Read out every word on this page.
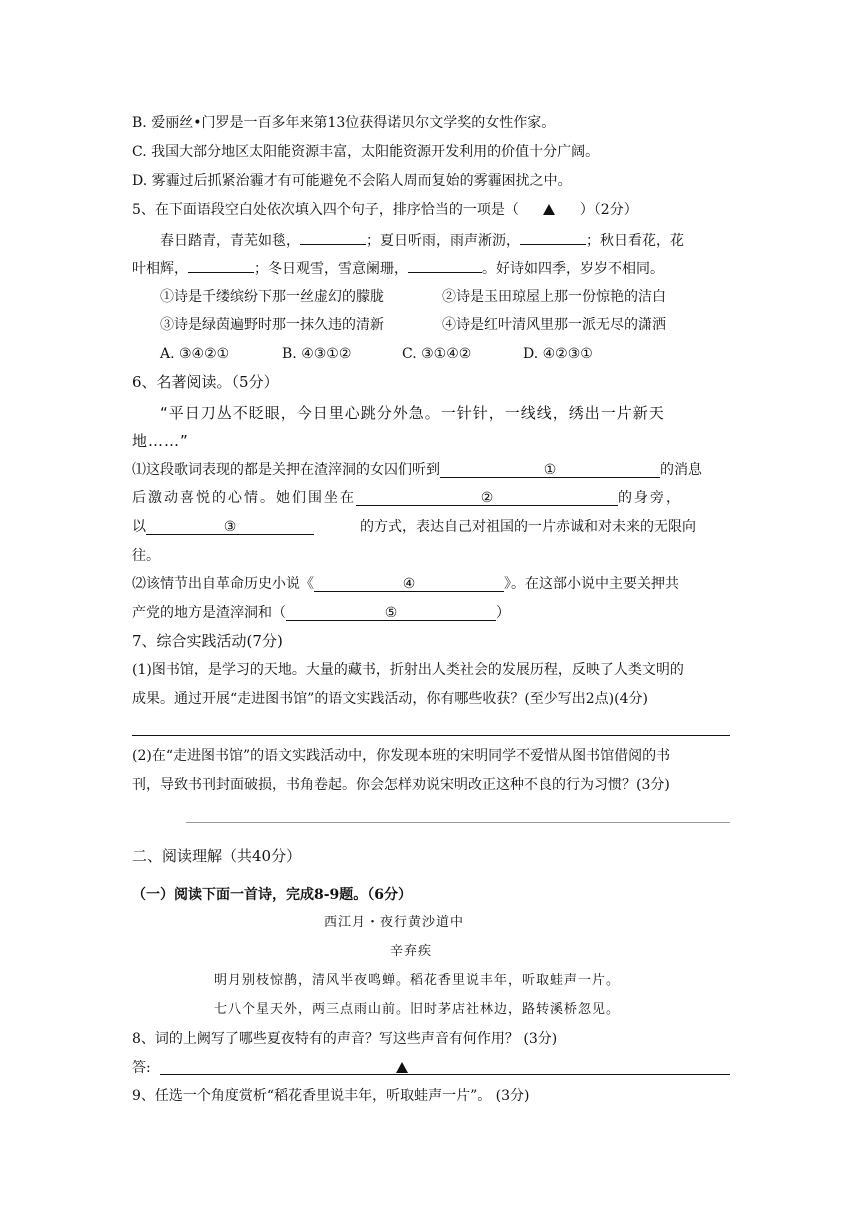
B. 爱丽丝•门罗是一百多年来第13位获得诺贝尔文学奖的女性作家。
C. 我国大部分地区太阳能资源丰富，太阳能资源开发利用的价值十分广阔。
D. 雾霾过后抓紧治霾才有可能避免不会陷人周而复始的雾霾困扰之中。
5、在下面语段空白处依次填入四个句子，排序恰当的一项是（	）（2分）
春日踏青，青芜如毯，	；夏日听雨，雨声淅沥，	；秋日看花，花
叶相辉，	；冬日观雪，雪意阑珊，	。好诗如四季，岁岁不相同。
①诗是千缕缤纷下那一丝虚幻的朦胧	②诗是玉田琼屋上那一份惊艳的洁白
③诗是绿茵遍野时那一抹久违的清新	④诗是红叶清风里那一派无尽的潇洒
A. ③④②①	B. ④③①②	C. ③①④②	D. ④②③①
6、名著阅读。（5分）
“平日刀丛不眨眼，今日里心跳分外急。一针针，一线线，绣出一片新天
地……”
⑴这段歌词表现的都是关押在渣滓洞的女囚们听到	①	的消息
后激动喜悦的心情。她们围坐在	②	的身旁，
以	③	的方式，表达自己对祖国的一片赤诚和对未来的无限向
往。
⑵该情节出自革命历史小说《	④	》。在这部小说中主要关押共
产党的地方是渣滓洞和（	⑤	）
7、综合实践活动(7分)
(1)图书馆，是学习的天地。大量的藏书，折射出人类社会的发展历程，反映了人类文明的
成果。通过开展“走进图书馆”的语文实践活动，你有哪些收获？(至少写出2点)(4分)
(2)在“走进图书馆”的语文实践活动中，你发现本班的宋明同学不爱惜从图书馆借阅的书
刊，导致书刊封面破损，书角卷起。你会怎样劝说宋明改正这种不良的行为习惯？(3分)
二、阅读理解（共40分）
（一）阅读下面一首诗，完成8-9题。（6分）
西江月・夜行黄沙道中
辛弃疾
明月别枝惊鹊，清风半夜鸣蝉。稻花香里说丰年，听取蛙声一片。
七八个星天外，两三点雨山前。旧时茅店社林边，路转溪桥忽见。
8、词的上阙写了哪些夏夜特有的声音？写这些声音有何作用？ (3分)
答:
9、任选一个角度赏析“稻花香里说丰年，听取蛙声一片”。 (3分)
